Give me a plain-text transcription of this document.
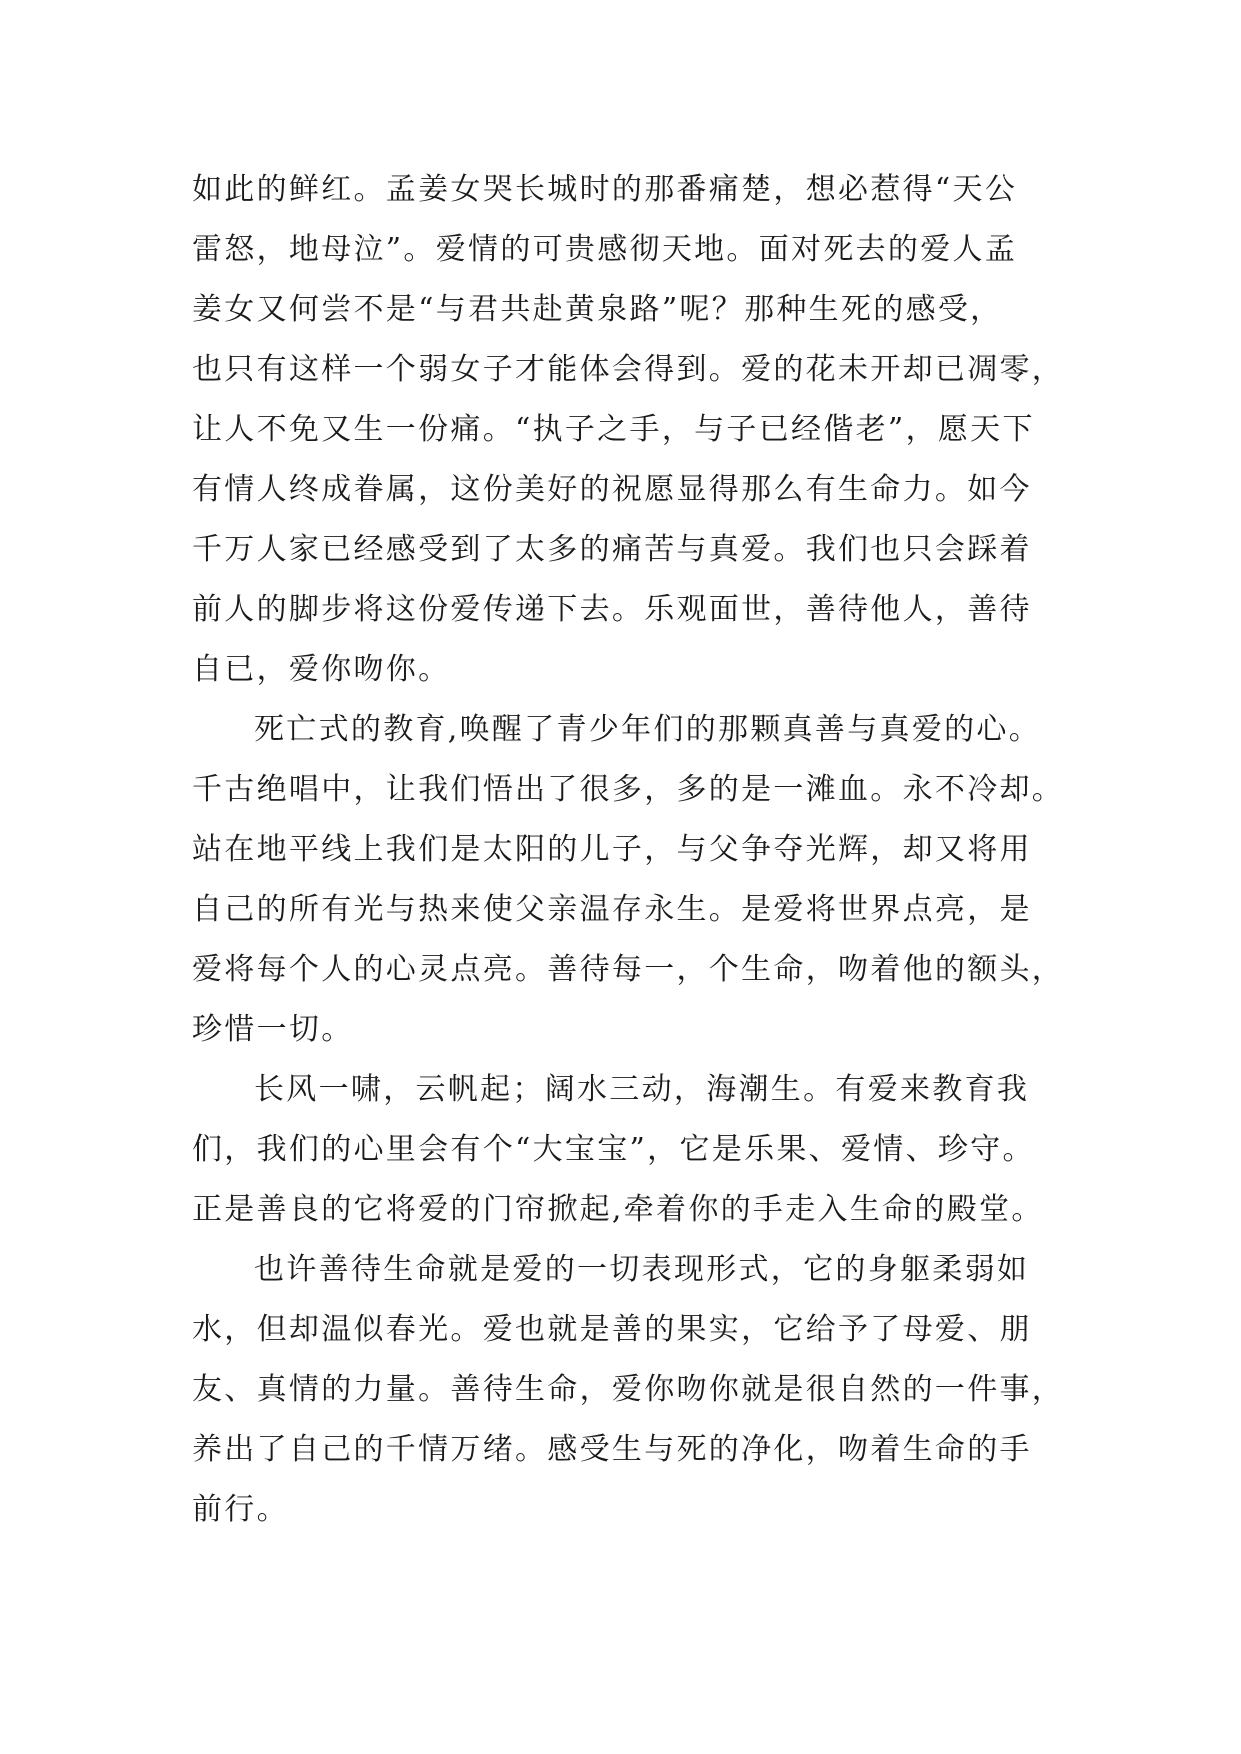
如此的鲜红。孟姜女哭长城时的那番痛楚，想必惹得“天公
雷怒，地母泣”。爱情的可贵感彻天地。面对死去的爱人孟
姜女又何尝不是“与君共赴黄泉路”呢？那种生死的感受，
也只有这样一个弱女子才能体会得到。爱的花未开却已凋零，
让人不免又生一份痛。“执子之手，与子已经偕老”，愿天下
有情人终成眷属，这份美好的祝愿显得那么有生命力。如今
千万人家已经感受到了太多的痛苦与真爱。我们也只会踩着
前人的脚步将这份爱传递下去。乐观面世，善待他人，善待
自已，爱你吻你。
死亡式的教育,唤醒了青少年们的那颗真善与真爱的心。
千古绝唱中，让我们悟出了很多，多的是一滩血。永不冷却。
站在地平线上我们是太阳的儿子，与父争夺光辉，却又将用
自己的所有光与热来使父亲温存永生。是爱将世界点亮，是
爱将每个人的心灵点亮。善待每一，个生命，吻着他的额头，
珍惜一切。
长风一啸，云帆起；阔水三动，海潮生。有爱来教育我
们，我们的心里会有个“大宝宝”，它是乐果、爱情、珍守。
正是善良的它将爱的门帘掀起,牵着你的手走入生命的殿堂。
也许善待生命就是爱的一切表现形式，它的身躯柔弱如
水，但却温似春光。爱也就是善的果实，它给予了母爱、朋
友、真情的力量。善待生命，爱你吻你就是很自然的一件事，
养出了自己的千情万绪。感受生与死的净化，吻着生命的手
前行。
